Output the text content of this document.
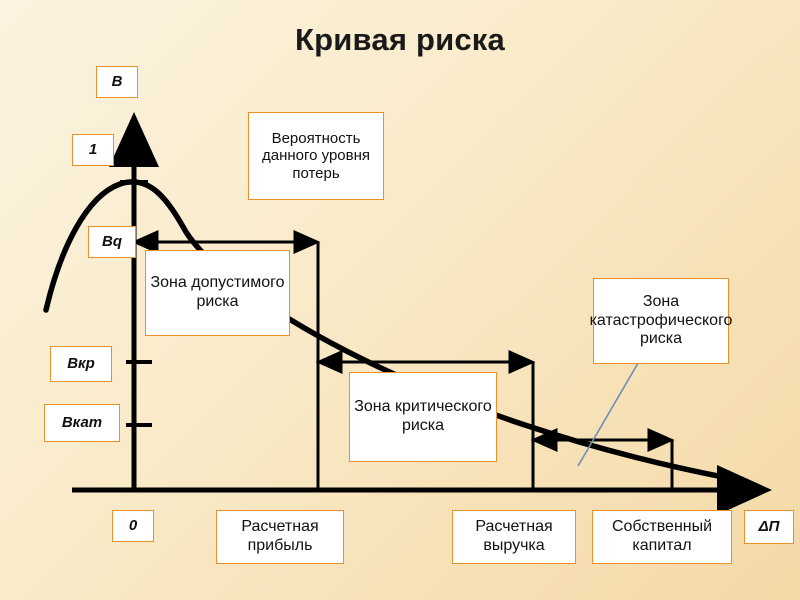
Кривая риска
B
ΔП
0
1
Bq
Вкр
Вкат
Вероятность данного уровня потерь
Зона допустимого риска
Зона критического риска
Зона катастрофического риска
Расчетная прибыль
Расчетная выручка
Собственный капитал
